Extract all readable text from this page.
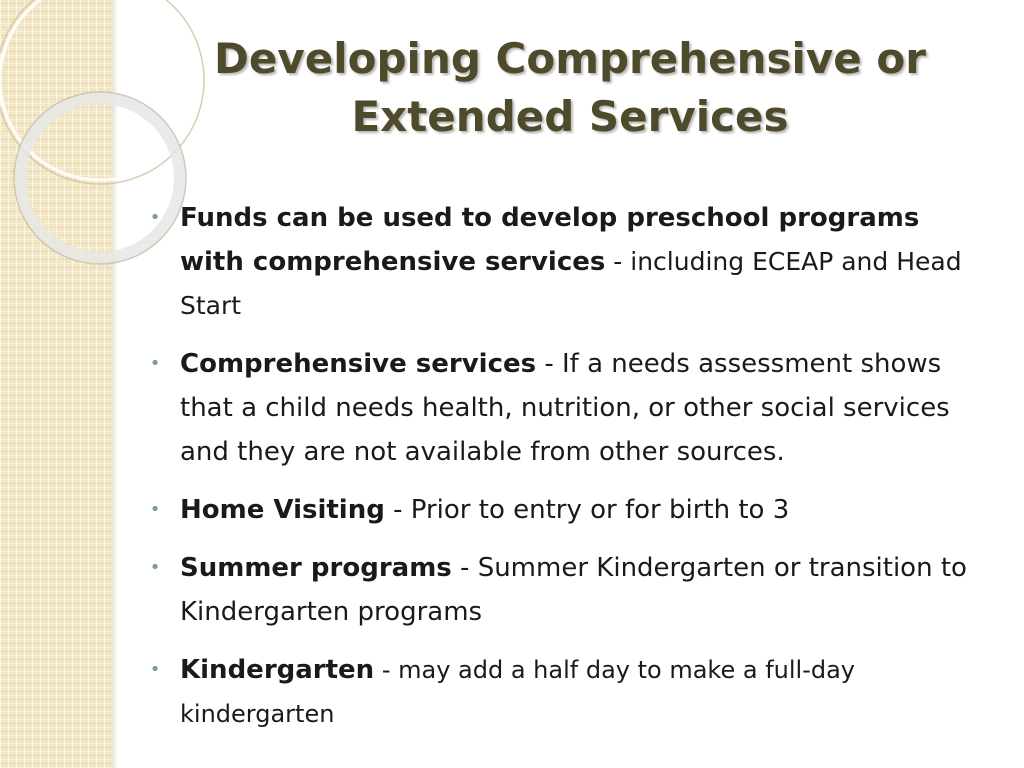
Developing Comprehensive or
Extended Services
• Funds can be used to develop preschool programs with comprehensive services - including ECEAP and Head Start
• Comprehensive services - If a needs assessment shows that a child needs health, nutrition, or other social services and they are not available from other sources.
• Home Visiting - Prior to entry or for birth to 3
• Summer programs - Summer Kindergarten or transition to Kindergarten programs
• Kindergarten - may add a half day to make a full-day kindergarten
